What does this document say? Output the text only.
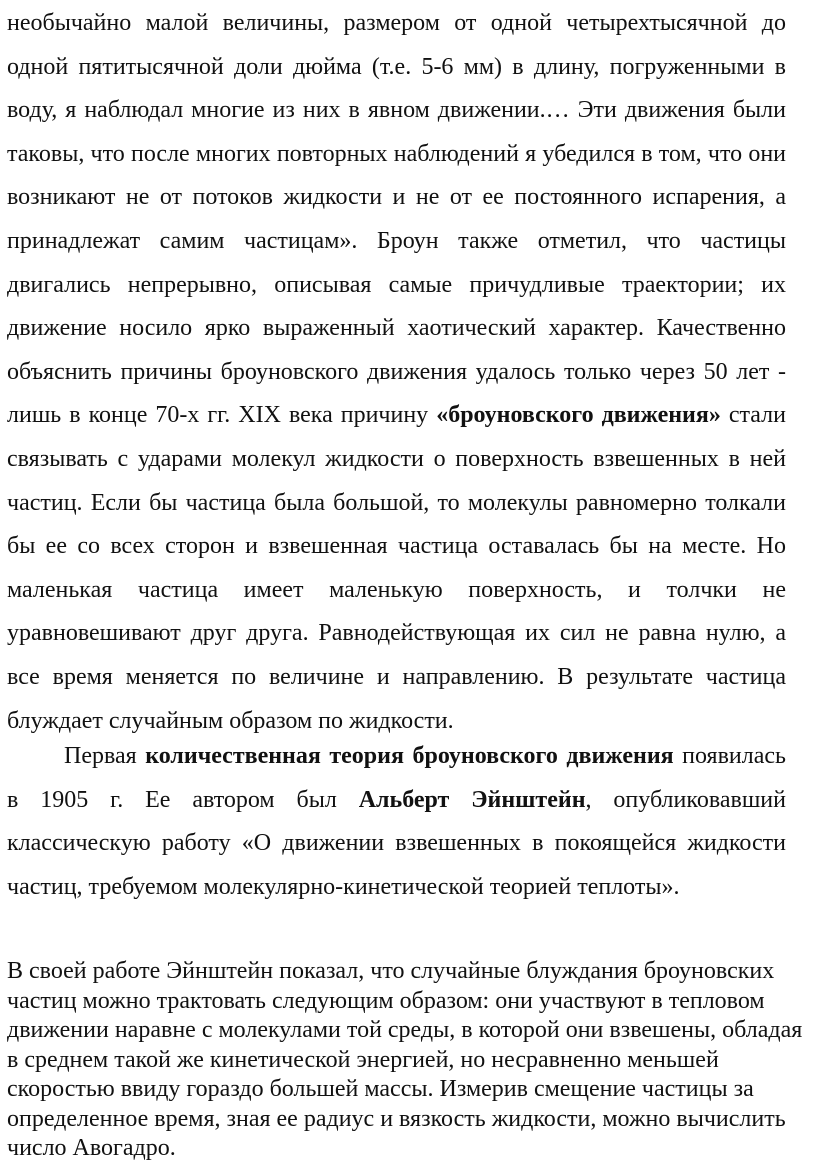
необычайно малой величины, размером от одной четырехтысячной до одной пятитысячной доли дюйма (т.е. 5-6 мм) в длину, погруженными в воду, я наблюдал многие из них в явном движении.… Эти движения были таковы, что после многих повторных наблюдений я убедился в том, что они возникают не от потоков жидкости и не от ее постоянного испарения, а принадлежат самим частицам». Броун также отметил, что частицы двигались непрерывно, описывая самые причудливые траектории; их движение носило ярко выраженный хаотический характер. Качественно объяснить причины броуновского движения удалось только через 50 лет - лишь в конце 70-х гг. XIX века причину «броуновского движения» стали связывать с ударами молекул жидкости о поверхность взвешенных в ней частиц. Если бы частица была большой, то молекулы равномерно толкали бы ее со всех сторон и взвешенная частица оставалась бы на месте. Но маленькая частица имеет маленькую поверхность, и толчки не уравновешивают друг друга. Равнодействующая их сил не равна нулю, а все время меняется по величине и направлению. В результате частица блуждает случайным образом по жидкости.

Первая количественная теория броуновского движения появилась в 1905 г. Ее автором был Альберт Эйнштейн, опубликовавший классическую работу «О движении взвешенных в покоящейся жидкости частиц, требуемом молекулярно-кинетической теорией теплоты».

В своей работе Эйнштейн показал, что случайные блуждания броуновских частиц можно трактовать следующим образом: они участвуют в тепловом движении наравне с молекулами той среды, в которой они взвешены, обладая в среднем такой же кинетической энергией, но несравненно меньшей скоростью ввиду гораздо большей массы. Измерив смещение частицы за определенное время, зная ее радиус и вязкость жидкости, можно вычислить число Авогадро.
